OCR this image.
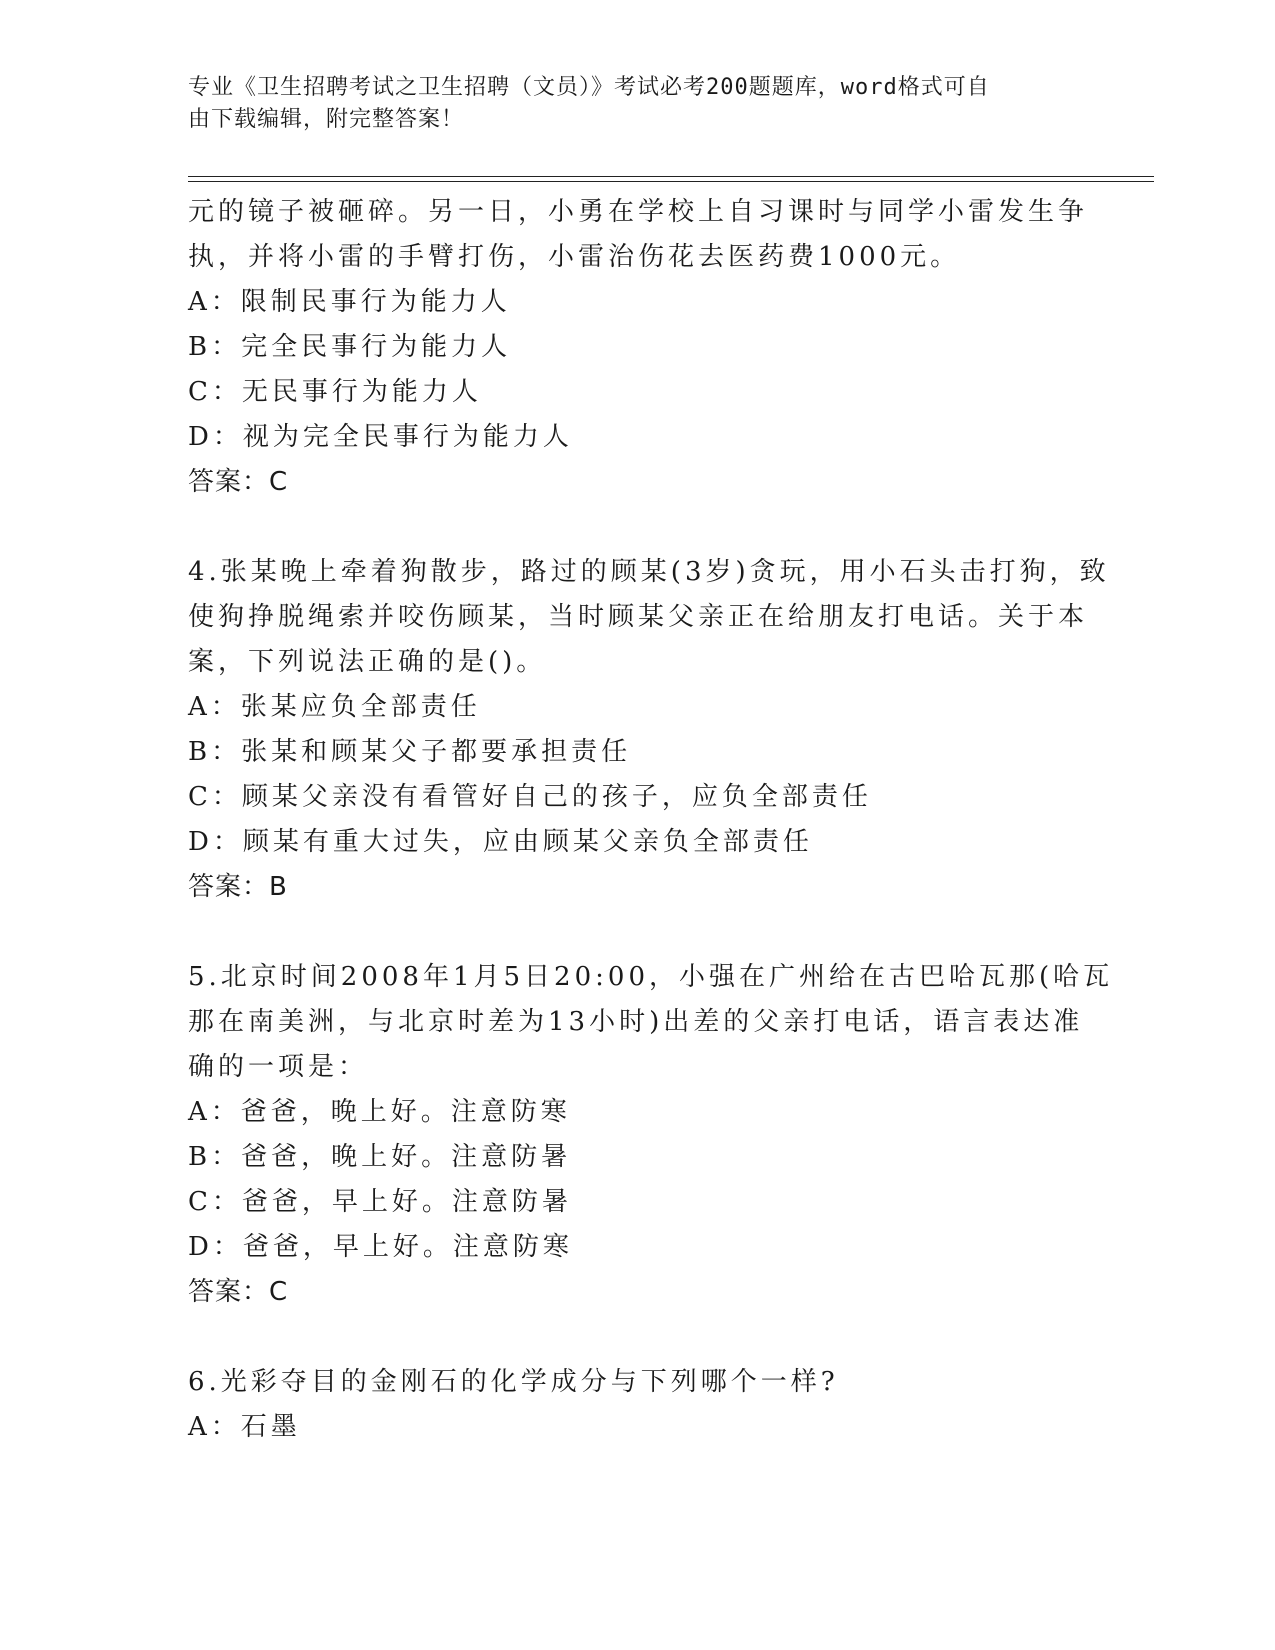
专业《卫生招聘考试之卫生招聘（文员）》考试必考200题题库，word格式可自
由下载编辑，附完整答案！
元的镜子被砸碎。另一日，小勇在学校上自习课时与同学小雷发生争
执，并将小雷的手臂打伤，小雷治伤花去医药费1000元。
A：限制民事行为能力人
B：完全民事行为能力人
C：无民事行为能力人
D：视为完全民事行为能力人
答案：C
4.张某晚上牵着狗散步，路过的顾某(3岁)贪玩，用小石头击打狗，致
使狗挣脱绳索并咬伤顾某，当时顾某父亲正在给朋友打电话。关于本
案，下列说法正确的是()。
A：张某应负全部责任
B：张某和顾某父子都要承担责任
C：顾某父亲没有看管好自己的孩子，应负全部责任
D：顾某有重大过失，应由顾某父亲负全部责任
答案：B
5.北京时间2008年1月5日20:00，小强在广州给在古巴哈瓦那(哈瓦
那在南美洲，与北京时差为13小时)出差的父亲打电话，语言表达准
确的一项是：
A：爸爸，晚上好。注意防寒
B：爸爸，晚上好。注意防暑
C：爸爸，早上好。注意防暑
D：爸爸，早上好。注意防寒
答案：C
6.光彩夺目的金刚石的化学成分与下列哪个一样?
A：石墨
